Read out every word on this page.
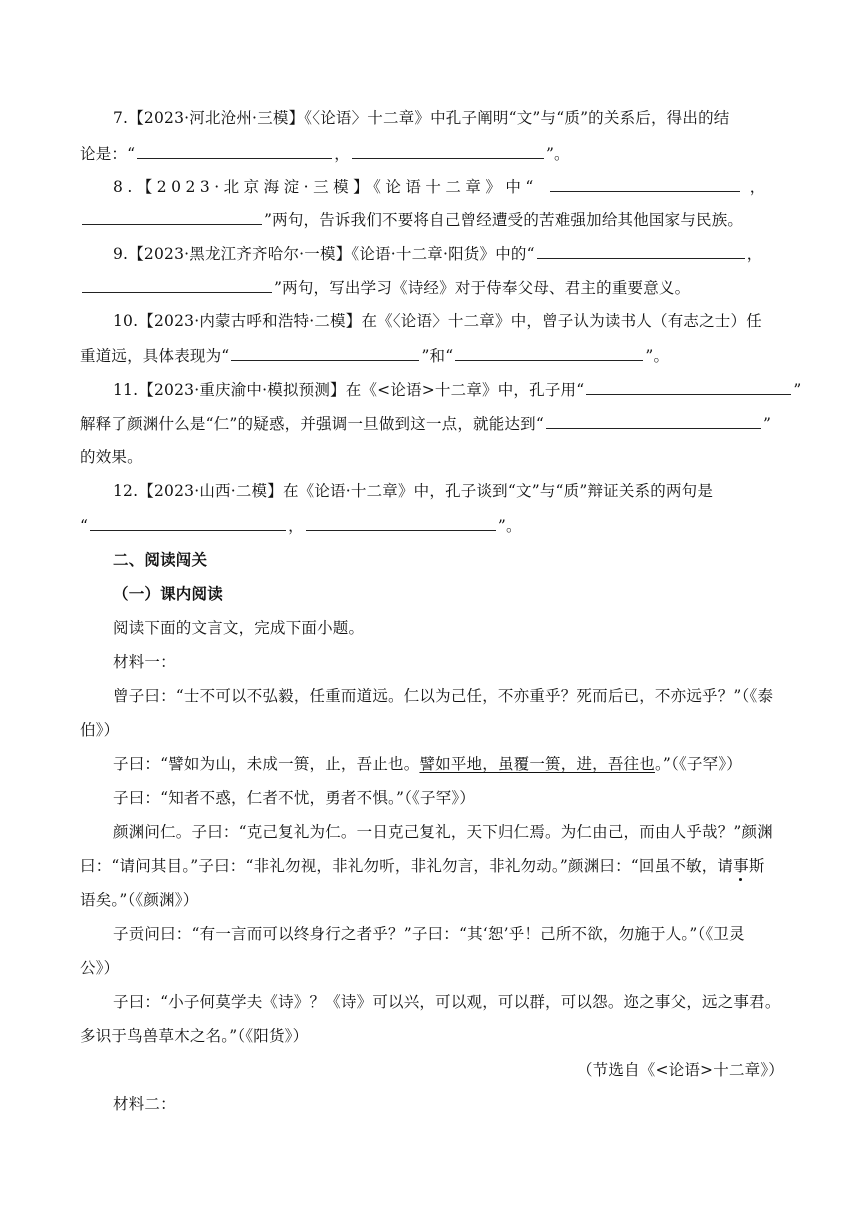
7.【2023·河北沧州·三模】《〈论语〉十二章》中孔子阐明“文”与“质”的关系后，得出的结
论是：“	，	”。
8.【2023·北京海淀·三模】《论语十二章》中“	，
”两句，告诉我们不要将自己曾经遭受的苦难强加给其他国家与民族。
9.【2023·黑龙江齐齐哈尔·一模】《论语·十二章·阳货》中的“	，
”两句，写出学习《诗经》对于侍奉父母、君主的重要意义。
10.【2023·内蒙古呼和浩特·二模】在《〈论语〉十二章》中，曾子认为读书人（有志之士）任
重道远，具体表现为“	”和“	”。
11.【2023·重庆渝中·模拟预测】在《<论语>十二章》中，孔子用“	”
解释了颜渊什么是“仁”的疑惑，并强调一旦做到这一点，就能达到“	”
的效果。
12.【2023·山西·二模】在《论语·十二章》中，孔子谈到“文”与“质”辩证关系的两句是
“	，	”。
二、阅读闯关
（一）课内阅读
阅读下面的文言文，完成下面小题。
材料一：
曾子曰：“士不可以不弘毅，任重而道远。仁以为己任，不亦重乎？死而后已，不亦远乎？”（《泰
伯》）
子曰：“譬如为山，未成一篑，止，吾止也。譬如平地，虽覆一篑，进，吾往也。”（《子罕》）
子曰：“知者不惑，仁者不忧，勇者不惧。”（《子罕》）
颜渊问仁。子曰：“克己复礼为仁。一日克己复礼，天下归仁焉。为仁由己，而由人乎哉？”颜渊
曰：“请问其目。”子曰：“非礼勿视，非礼勿听，非礼勿言，非礼勿动。”颜渊曰：“回虽不敏，请事斯
语矣。”（《颜渊》）
子贡问曰：“有一言而可以终身行之者乎？”子曰：“其‘恕’乎！己所不欲，勿施于人。”（《卫灵
公》）
子曰：“小子何莫学夫《诗》？《诗》可以兴，可以观，可以群，可以怨。迩之事父，远之事君。
多识于鸟兽草木之名。”（《阳货》）
（节选自《<论语>十二章》）
材料二：
